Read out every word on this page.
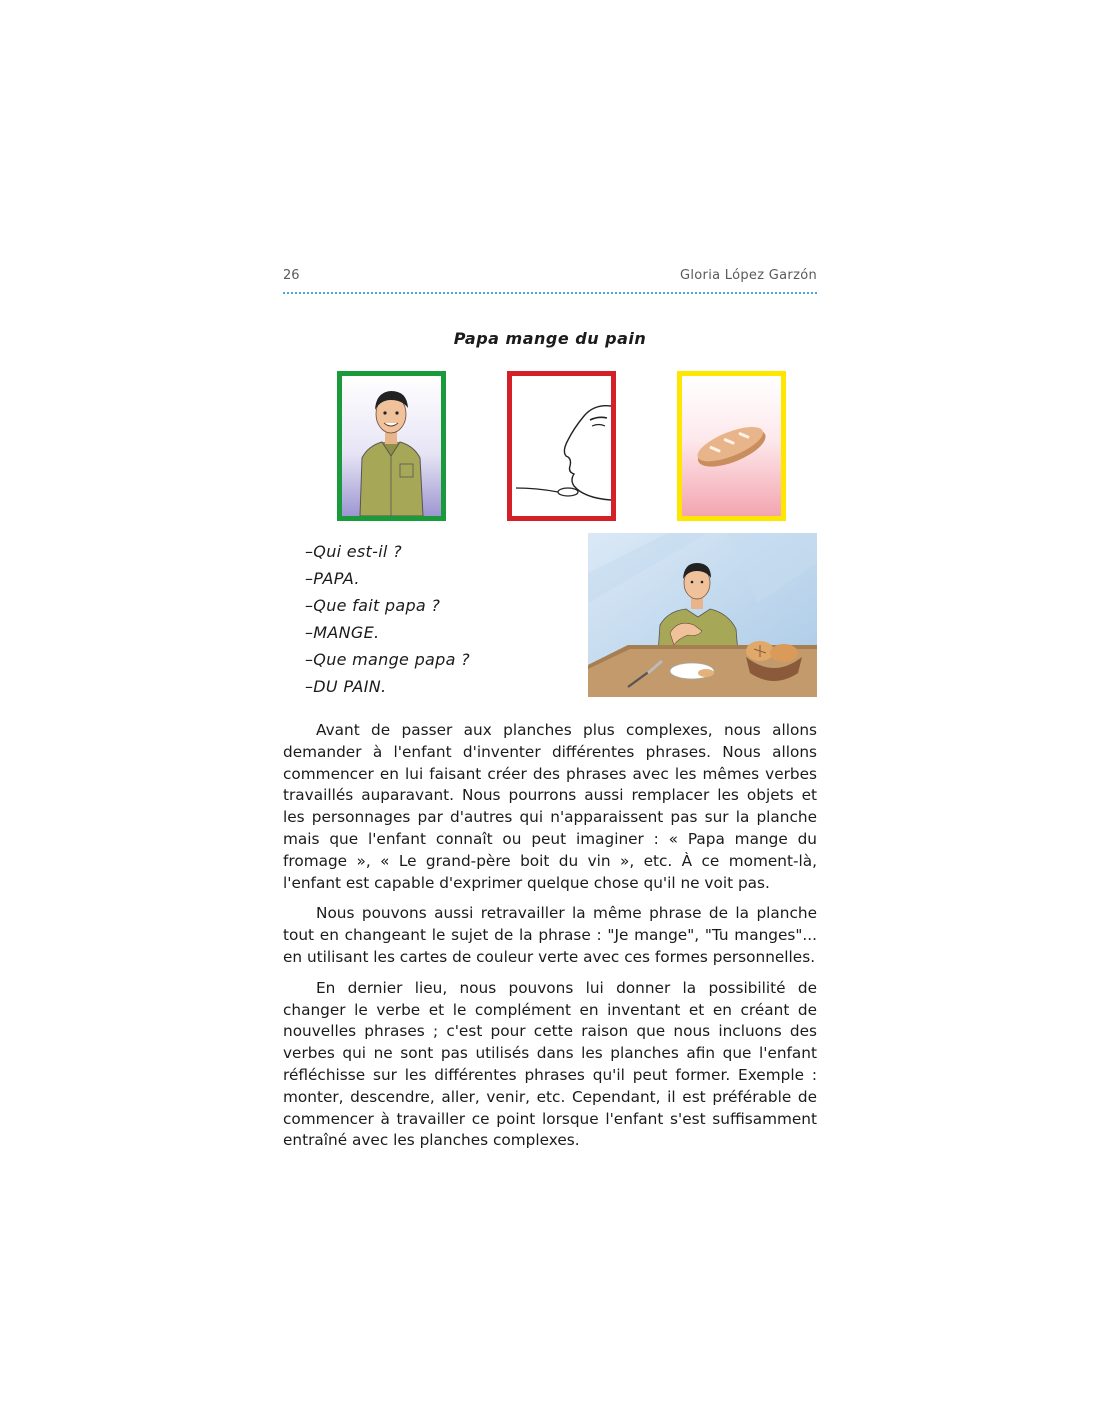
26	Gloria López Garzón
Papa mange du pain
–Qui est-il ?
–PAPA.
–Que fait papa ?
–MANGE.
–Que mange papa ?
–DU PAIN.

Avant de passer aux planches plus complexes, nous allons demander à l'enfant d'inventer différentes phrases. Nous allons commencer en lui faisant créer des phrases avec les mêmes verbes travaillés auparavant. Nous pourrons aussi remplacer les objets et les personnages par d'autres qui n'apparaissent pas sur la planche mais que l'enfant connaît ou peut imaginer : « Papa mange du fromage », « Le grand-père boit du vin », etc. À ce moment-là, l'enfant est capable d'exprimer quelque chose qu'il ne voit pas.

Nous pouvons aussi retravailler la même phrase de la planche tout en changeant le sujet de la phrase : "Je mange", "Tu manges"... en utilisant les cartes de couleur verte avec ces formes personnelles.

En dernier lieu, nous pouvons lui donner la possibilité de changer le verbe et le complément en inventant et en créant de nouvelles phrases ; c'est pour cette raison que nous incluons des verbes qui ne sont pas utilisés dans les planches afin que l'enfant réfléchisse sur les différentes phrases qu'il peut former. Exemple : monter, descendre, aller, venir, etc. Cependant, il est préférable de commencer à travailler ce point lorsque l'enfant s'est suffisamment entraîné avec les planches complexes.
